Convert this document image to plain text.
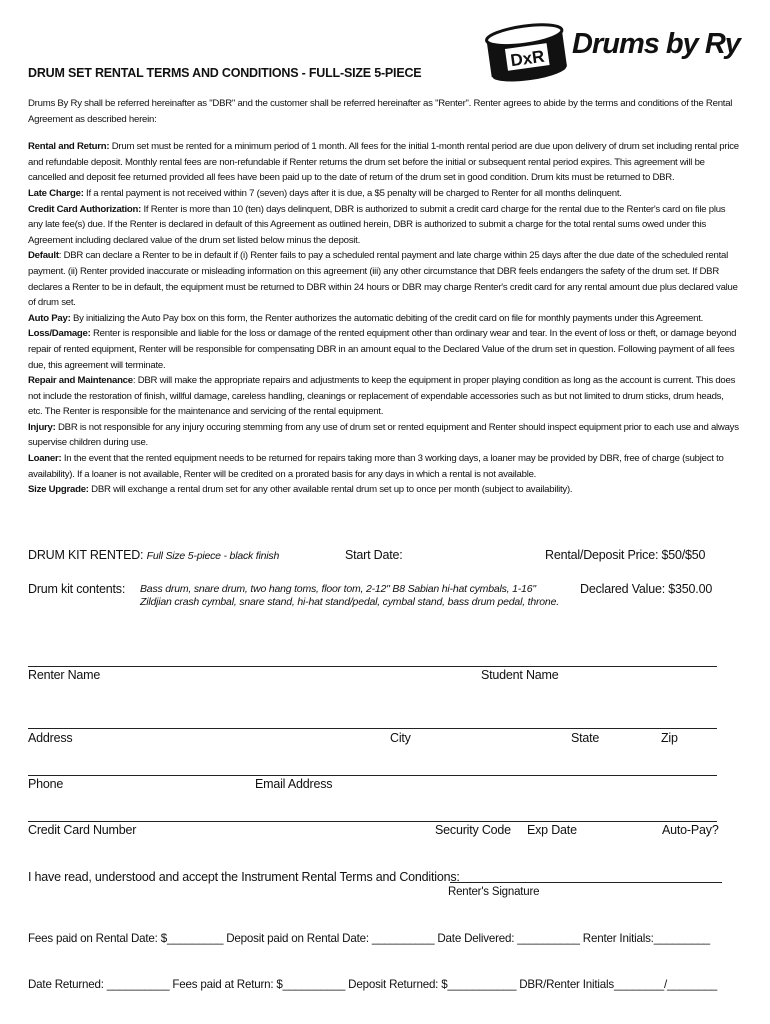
DxR Drums by Ry
DRUM SET RENTAL TERMS AND CONDITIONS - FULL-SIZE 5-PIECE

Drums By Ry shall be referred hereinafter as "DBR" and the customer shall be referred hereinafter as "Renter". Renter agrees to abide by the terms and conditions of the Rental Agreement as described herein:

Rental and Return: Drum set must be rented for a minimum period of 1 month. All fees for the initial 1-month rental period are due upon delivery of drum set including rental price and refundable deposit. Monthly rental fees are non-refundable if Renter returns the drum set before the initial or subsequent rental period expires. This agreement will be cancelled and deposit fee returned provided all fees have been paid up to the date of return of the drum set in good condition. Drum kits must be returned to DBR.

Late Charge: If a rental payment is not received within 7 (seven) days after it is due, a $5 penalty will be charged to Renter for all months delinquent.

Credit Card Authorization: If Renter is more than 10 (ten) days delinquent, DBR is authorized to submit a credit card charge for the rental due to the Renter's card on file plus any late fee(s) due. If the Renter is declared in default of this Agreement as outlined herein, DBR is authorized to submit a charge for the total rental sums owed under this Agreement including declared value of the drum set listed below minus the deposit.

Default: DBR can declare a Renter to be in default if (i) Renter fails to pay a scheduled rental payment and late charge within 25 days after the due date of the scheduled rental payment. (ii) Renter provided inaccurate or misleading information on this agreement (iii) any other circumstance that DBR feels endangers the safety of the drum set. If DBR declares a Renter to be in default, the equipment must be returned to DBR within 24 hours or DBR may charge Renter's credit card for any rental amount due plus declared value of drum set.

Auto Pay: By initializing the Auto Pay box on this form, the Renter authorizes the automatic debiting of the credit card on file for monthly payments under this Agreement.

Loss/Damage: Renter is responsible and liable for the loss or damage of the rented equipment other than ordinary wear and tear. In the event of loss or theft, or damage beyond repair of rented equipment, Renter will be responsible for compensating DBR in an amount equal to the Declared Value of the drum set in question. Following payment of all fees due, this agreement will terminate.

Repair and Maintenance: DBR will make the appropriate repairs and adjustments to keep the equipment in proper playing condition as long as the account is current. This does not include the restoration of finish, willful damage, careless handling, cleanings or replacement of expendable accessories such as but not limited to drum sticks, drum heads, etc. The Renter is responsible for the maintenance and servicing of the rental equipment.

Injury: DBR is not responsible for any injury occuring stemming from any use of drum set or rented equipment and Renter should inspect equipment prior to each use and always supervise children during use.

Loaner: In the event that the rented equipment needs to be returned for repairs taking more than 3 working days, a loaner may be provided by DBR, free of charge (subject to availability). If a loaner is not available, Renter will be credited on a prorated basis for any days in which a rental is not available.

Size Upgrade: DBR will exchange a rental drum set for any other available rental drum set up to once per month (subject to availability).

DRUM KIT RENTED: Full Size 5-piece - black finish	Start Date:	Rental/Deposit Price: $50/$50
Drum kit contents: Bass drum, snare drum, two hang toms, floor tom, 2-12" B8 Sabian hi-hat cymbals, 1-16"
Zildjian crash cymbal, snare stand, hi-hat stand/pedal, cymbal stand, bass drum pedal, throne.
Declared Value: $350.00
Renter Name	Student Name
Address	City	State	Zip
Phone	Email Address
Credit Card Number	Security Code Exp Date	Auto-Pay?
I have read, understood and accept the Instrument Rental Terms and Conditions:
Renter's Signature
Fees paid on Rental Date: $_________ Deposit paid on Rental Date: __________ Date Delivered: __________ Renter Initials:_________
Date Returned: __________ Fees paid at Return: $__________ Deposit Returned: $___________ DBR/Renter Initials________/________
